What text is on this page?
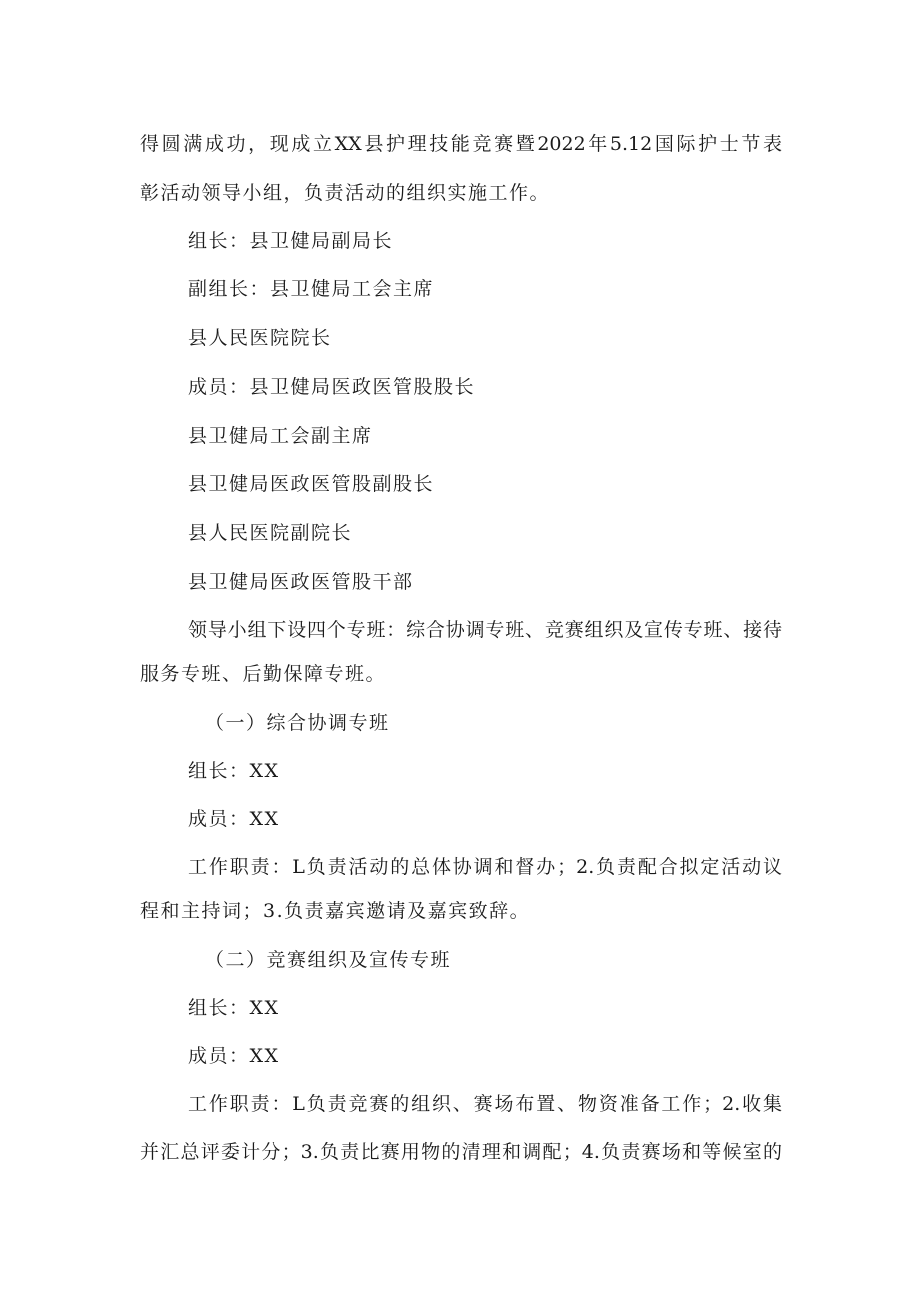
得圆满成功，现成立XX县护理技能竞赛暨2022年5.12国际护士节表
彰活动领导小组，负责活动的组织实施工作。
组长：县卫健局副局长
副组长：县卫健局工会主席
县人民医院院长
成员：县卫健局医政医管股股长
县卫健局工会副主席
县卫健局医政医管股副股长
县人民医院副院长
县卫健局医政医管股干部
领导小组下设四个专班：综合协调专班、竞赛组织及宣传专班、接待
服务专班、后勤保障专班。
（一）综合协调专班
组长：XX
成员：XX
工作职责：L负责活动的总体协调和督办；2.负责配合拟定活动议
程和主持词；3.负责嘉宾邀请及嘉宾致辞。
（二）竞赛组织及宣传专班
组长：XX
成员：XX
工作职责：L负责竞赛的组织、赛场布置、物资准备工作；2.收集
并汇总评委计分；3.负责比赛用物的清理和调配；4.负责赛场和等候室的
